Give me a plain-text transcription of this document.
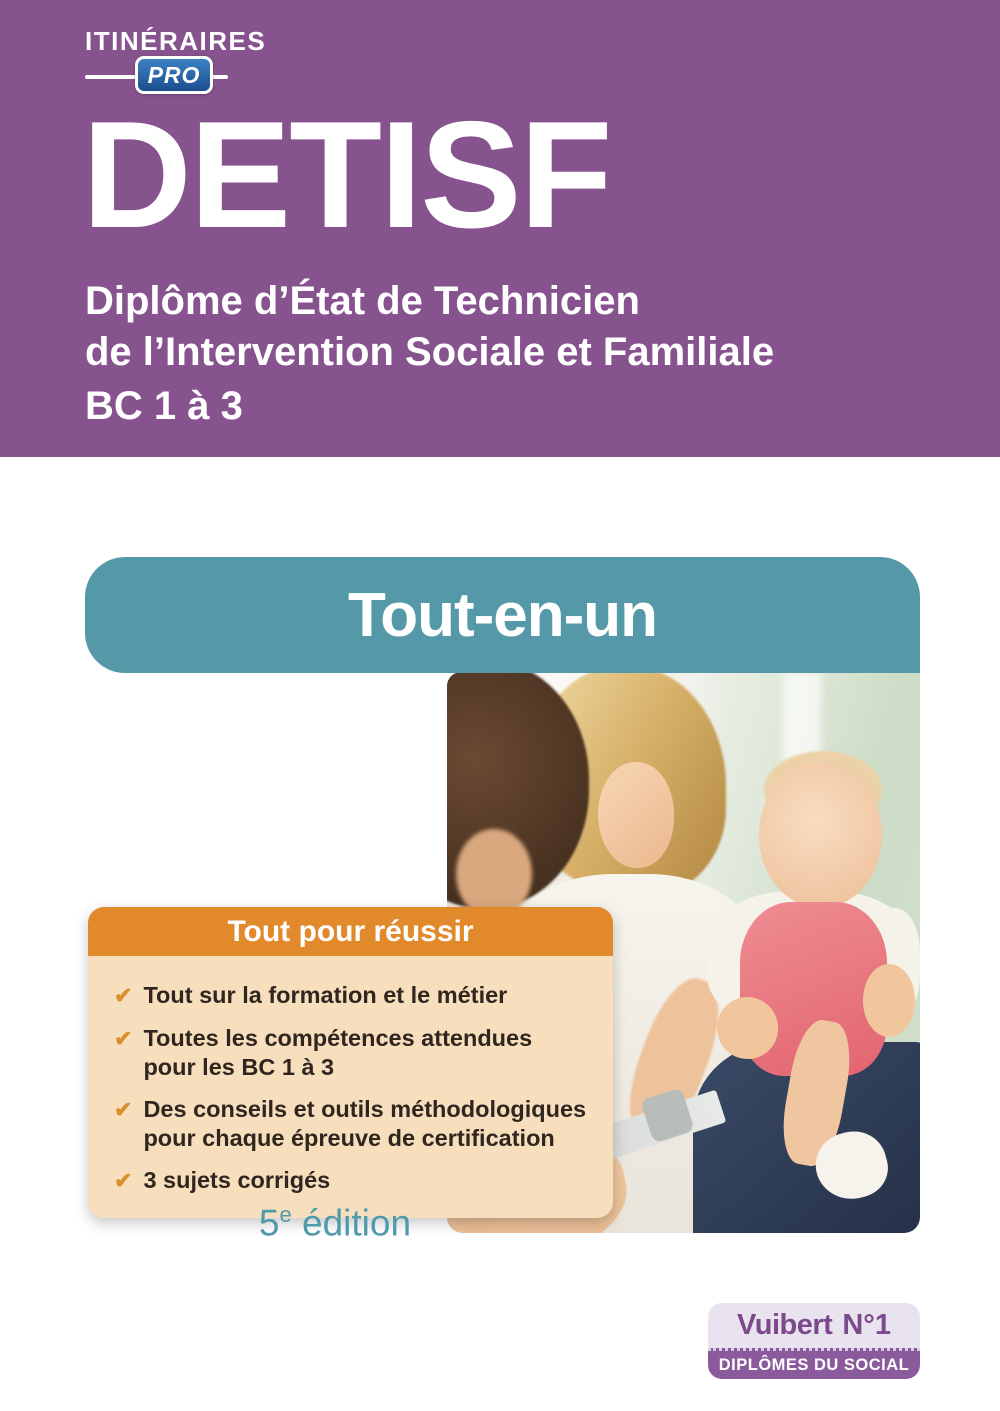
ITINÉRAIRES
PRO
DETISF

Diplôme d’État de Technicien
de l’Intervention Sociale et Familiale

BC 1 à 3

Tout-en-un
Tout pour réussir
✔ Tout sur la formation et le métier
✔ Toutes les compétences attendues pour les BC 1 à 3
✔ Des conseils et outils méthodologiques pour chaque épreuve de certification
✔ 3 sujets corrigés
5e édition
Vuibert N°1
DIPLÔMES DU SOCIAL
